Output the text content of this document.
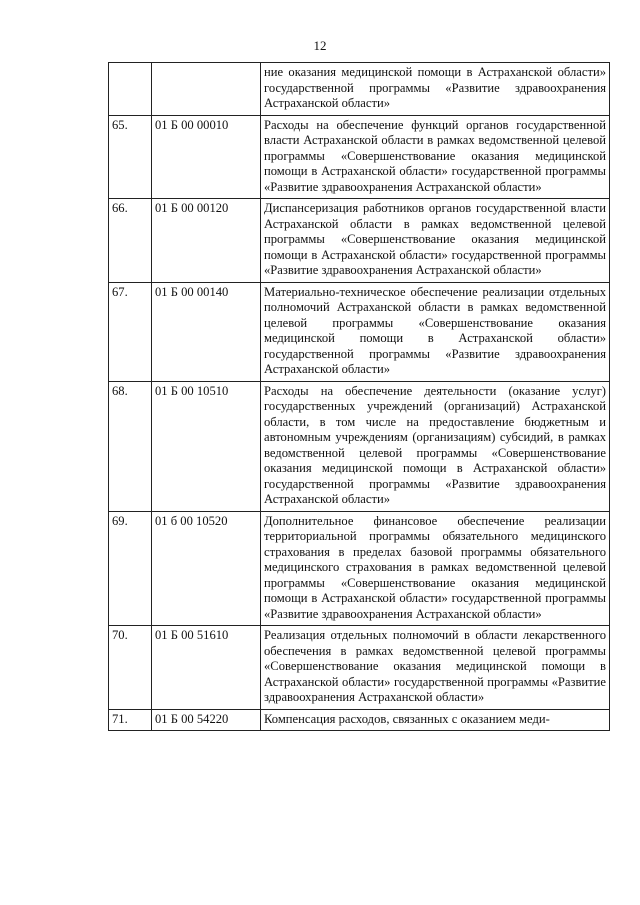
12
		ние оказания медицинской помощи в Астраханской области» государственной программы «Развитие здравоохранения Астраханской области»
65.	01 Б 00 00010	Расходы на обеспечение функций органов государственной власти Астраханской области в рамках ведомственной целевой программы «Совершенствование оказания медицинской помощи в Астраханской области» государственной программы «Развитие здравоохранения Астраханской области»
66.	01 Б 00 00120	Диспансеризация работников органов государственной власти Астраханской области в рамках ведомственной целевой программы «Совершенствование оказания медицинской помощи в Астраханской области» государственной программы «Развитие здравоохранения Астраханской области»
67.	01 Б 00 00140	Материально-техническое обеспечение реализации отдельных полномочий Астраханской области в рамках ведомственной целевой программы «Совершенствование оказания медицинской помощи в Астраханской области» государственной программы «Развитие здравоохранения Астраханской области»
68.	01 Б 00 10510	Расходы на обеспечение деятельности (оказание услуг) государственных учреждений (организаций) Астраханской области, в том числе на предоставление бюджетным и автономным учреждениям (организациям) субсидий, в рамках ведомственной целевой программы «Совершенствование оказания медицинской помощи в Астраханской области» государственной программы «Развитие здравоохранения Астраханской области»
69.	01 б 00 10520	Дополнительное финансовое обеспечение реализации территориальной программы обязательного медицинского страхования в пределах базовой программы обязательного медицинского страхования в рамках ведомственной целевой программы «Совершенствование оказания медицинской помощи в Астраханской области» государственной программы «Развитие здравоохранения Астраханской области»
70.	01 Б 00 51610	Реализация отдельных полномочий в области лекарственного обеспечения в рамках ведомственной целевой программы «Совершенствование оказания медицинской помощи в Астраханской области» государственной программы «Развитие здравоохранения Астраханской области»
71.	01 Б 00 54220	Компенсация расходов, связанных с оказанием меди-
